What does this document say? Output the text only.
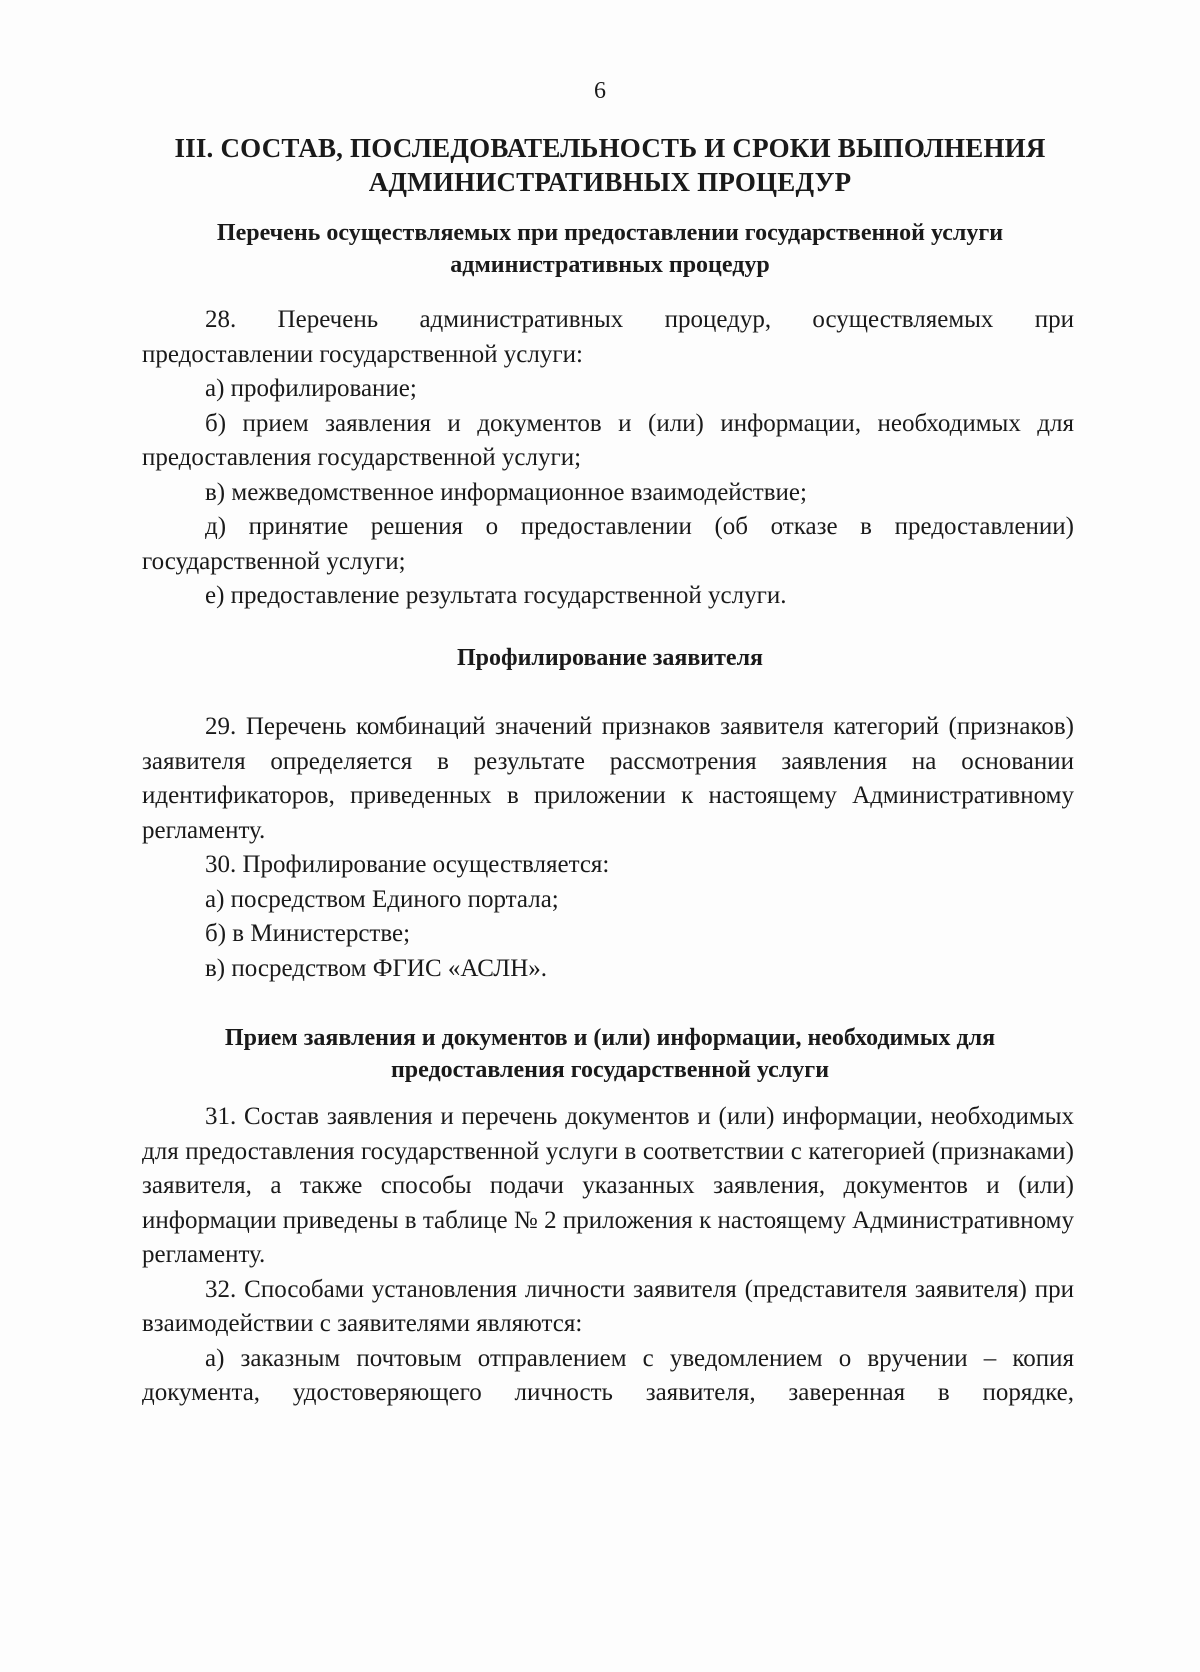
6
III. СОСТАВ, ПОСЛЕДОВАТЕЛЬНОСТЬ И СРОКИ ВЫПОЛНЕНИЯ АДМИНИСТРАТИВНЫХ ПРОЦЕДУР
Перечень осуществляемых при предоставлении государственной услуги административных процедур

28. Перечень административных процедур, осуществляемых при предоставлении государственной услуги:

а) профилирование;

б) прием заявления и документов и (или) информации, необходимых для предоставления государственной услуги;

в) межведомственное информационное взаимодействие;

д) принятие решения о предоставлении (об отказе в предоставлении) государственной услуги;

е) предоставление результата государственной услуги.

Профилирование заявителя

29. Перечень комбинаций значений признаков заявителя категорий (признаков) заявителя определяется в результате рассмотрения заявления на основании идентификаторов, приведенных в приложении к настоящему Административному регламенту.

30. Профилирование осуществляется:

а) посредством Единого портала;

б) в Министерстве;

в) посредством ФГИС «АСЛН».

Прием заявления и документов и (или) информации, необходимых для предоставления государственной услуги

31. Состав заявления и перечень документов и (или) информации, необходимых для предоставления государственной услуги в соответствии с категорией (признаками) заявителя, а также способы подачи указанных заявления, документов и (или) информации приведены в таблице № 2 приложения к настоящему Административному регламенту.

32. Способами установления личности заявителя (представителя заявителя) при взаимодействии с заявителями являются:

а) заказным почтовым отправлением с уведомлением о вручении – копия документа, удостоверяющего личность заявителя, заверенная в порядке,
